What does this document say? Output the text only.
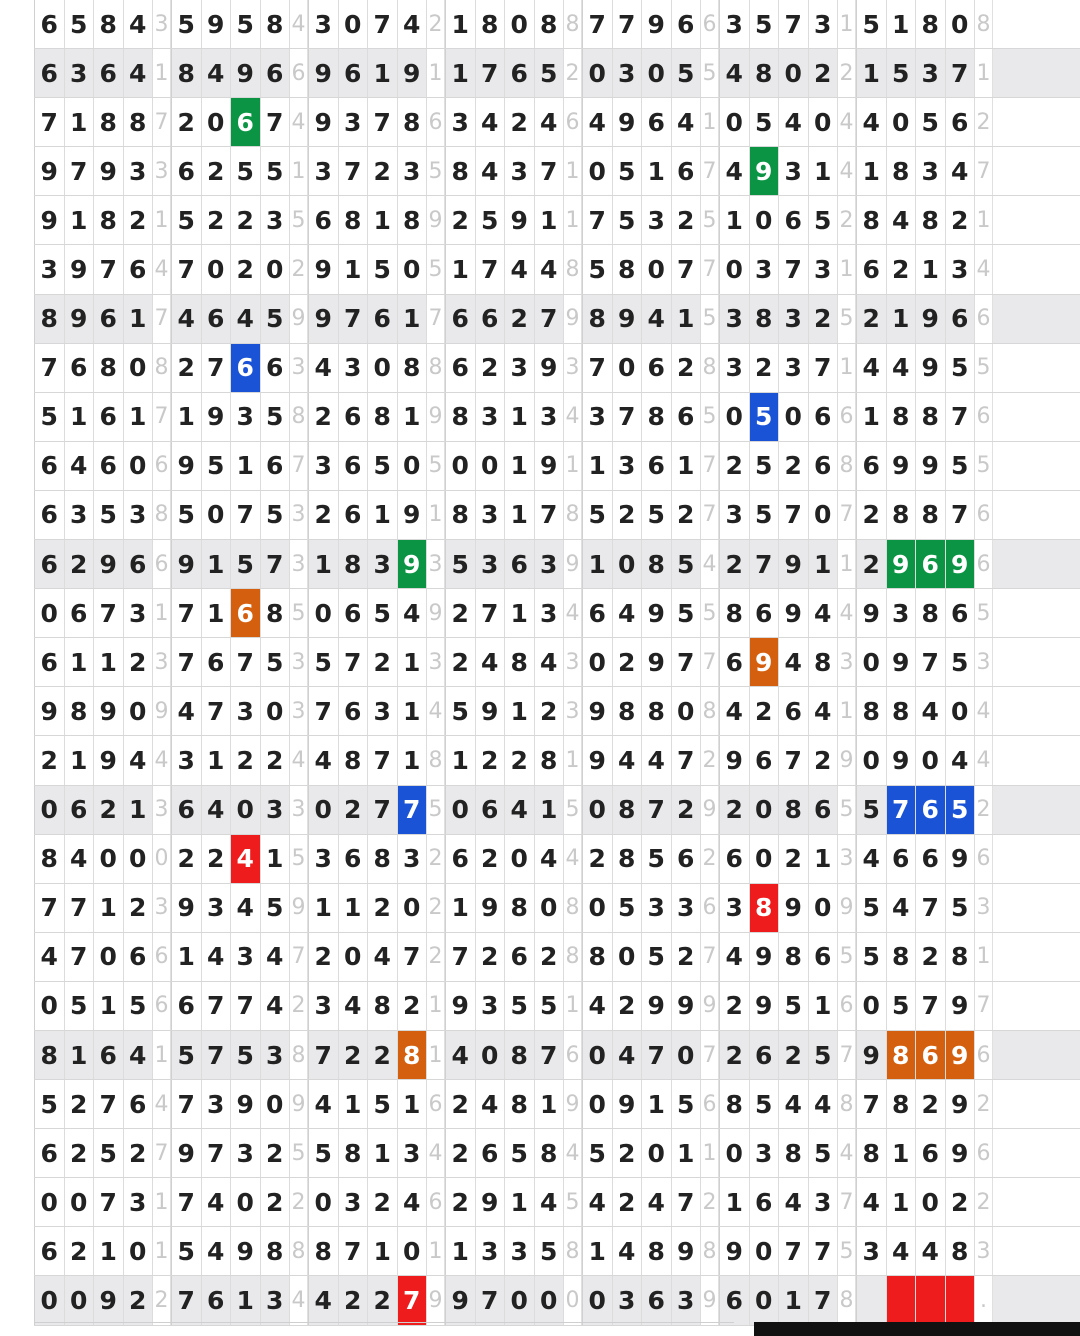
6 5 8 4 3 5 9 5 8 4 3 0 7 4 2 1 8 0 8 8 7 7 9 6 6 3 5 7 3 1 5 1 8 0 8
6 3 6 4 1 8 4 9 6 6 9 6 1 9 1 1 7 6 5 2 0 3 0 5 5 4 8 0 2 2 1 5 3 7 1
7 1 8 8 7 2 0 6 7 4 9 3 7 8 6 3 4 2 4 6 4 9 6 4 1 0 5 4 0 4 4 0 5 6 2
9 7 9 3 3 6 2 5 5 1 3 7 2 3 5 8 4 3 7 1 0 5 1 6 7 4 9 3 1 4 1 8 3 4 7
9 1 8 2 1 5 2 2 3 5 6 8 1 8 9 2 5 9 1 1 7 5 3 2 5 1 0 6 5 2 8 4 8 2 1
3 9 7 6 4 7 0 2 0 2 9 1 5 0 5 1 7 4 4 8 5 8 0 7 7 0 3 7 3 1 6 2 1 3 4
8 9 6 1 7 4 6 4 5 9 9 7 6 1 7 6 6 2 7 9 8 9 4 1 5 3 8 3 2 5 2 1 9 6 6
7 6 8 0 8 2 7 6 6 3 4 3 0 8 8 6 2 3 9 3 7 0 6 2 8 3 2 3 7 1 4 4 9 5 5
5 1 6 1 7 1 9 3 5 8 2 6 8 1 9 8 3 1 3 4 3 7 8 6 5 0 5 0 6 6 1 8 8 7 6
6 4 6 0 6 9 5 1 6 7 3 6 5 0 5 0 0 1 9 1 1 3 6 1 7 2 5 2 6 8 6 9 9 5 5
6 3 5 3 8 5 0 7 5 3 2 6 1 9 1 8 3 1 7 8 5 2 5 2 7 3 5 7 0 7 2 8 8 7 6
6 2 9 6 6 9 1 5 7 3 1 8 3 9 3 5 3 6 3 9 1 0 8 5 4 2 7 9 1 1 2 9 6 9 6
0 6 7 3 1 7 1 6 8 5 0 6 5 4 9 2 7 1 3 4 6 4 9 5 5 8 6 9 4 4 9 3 8 6 5
6 1 1 2 3 7 6 7 5 3 5 7 2 1 3 2 4 8 4 3 0 2 9 7 7 6 9 4 8 3 0 9 7 5 3
9 8 9 0 9 4 7 3 0 3 7 6 3 1 4 5 9 1 2 3 9 8 8 0 8 4 2 6 4 1 8 8 4 0 4
2 1 9 4 4 3 1 2 2 4 4 8 7 1 8 1 2 2 8 1 9 4 4 7 2 9 6 7 2 9 0 9 0 4 4
0 6 2 1 3 6 4 0 3 3 0 2 7 7 5 0 6 4 1 5 0 8 7 2 9 2 0 8 6 5 5 7 6 5 2
8 4 0 0 0 2 2 4 1 5 3 6 8 3 2 6 2 0 4 4 2 8 5 6 2 6 0 2 1 3 4 6 6 9 6
7 7 1 2 3 9 3 4 5 9 1 1 2 0 2 1 9 8 0 8 0 5 3 3 6 3 8 9 0 9 5 4 7 5 3
4 7 0 6 6 1 4 3 4 7 2 0 4 7 2 7 2 6 2 8 8 0 5 2 7 4 9 8 6 5 5 8 2 8 1
0 5 1 5 6 6 7 7 4 2 3 4 8 2 1 9 3 5 5 1 4 2 9 9 9 2 9 5 1 6 0 5 7 9 7
8 1 6 4 1 5 7 5 3 8 7 2 2 8 1 4 0 8 7 6 0 4 7 0 7 2 6 2 5 7 9 8 6 9 6
5 2 7 6 4 7 3 9 0 9 4 1 5 1 6 2 4 8 1 9 0 9 1 5 6 8 5 4 4 8 7 8 2 9 2
6 2 5 2 7 9 7 3 2 5 5 8 1 3 4 2 6 5 8 4 5 2 0 1 1 0 3 8 5 4 8 1 6 9 6
0 0 7 3 1 7 4 0 2 2 0 3 2 4 6 2 9 1 4 5 4 2 4 7 2 1 6 4 3 7 4 1 0 2 2
6 2 1 0 1 5 4 9 8 8 8 7 1 0 1 1 3 3 5 8 1 4 8 9 8 9 0 7 7 5 3 4 4 8 3
0 0 9 2 2 7 6 1 3 4 4 2 2 7 9 9 7 0 0 0 0 3 6 3 9 6 0 1 7 8	.
